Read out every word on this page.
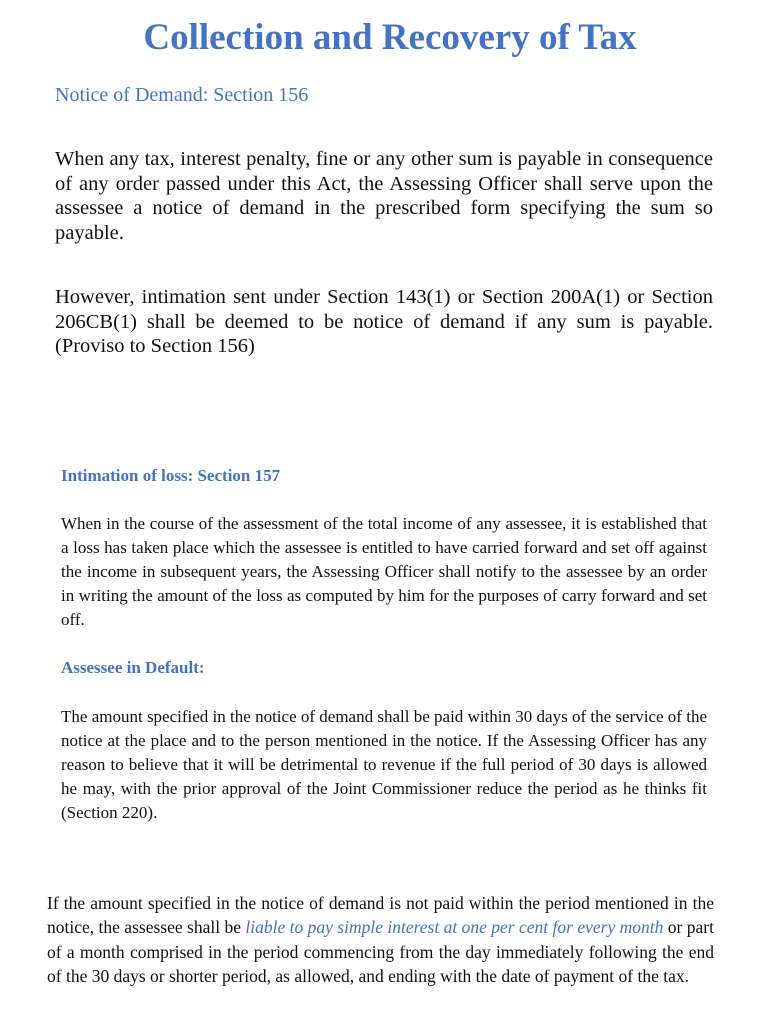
Collection and Recovery of Tax
Notice of Demand: Section 156

When any tax, interest penalty, fine or any other sum is payable in consequence of any order passed under this Act, the Assessing Officer shall serve upon the assessee a notice of demand in the prescribed form specifying the sum so payable.

However, intimation sent under Section 143(1) or Section 200A(1) or Section 206CB(1) shall be deemed to be notice of demand if any sum is payable. (Proviso to Section 156)

Intimation of loss: Section 157

When in the course of the assessment of the total income of any assessee, it is established that a loss has taken place which the assessee is entitled to have carried forward and set off against the income in subsequent years, the Assessing Officer shall notify to the assessee by an order in writing the amount of the loss as computed by him for the purposes of carry forward and set off.

Assessee in Default:

The amount specified in the notice of demand shall be paid within 30 days of the service of the notice at the place and to the person mentioned in the notice. If the Assessing Officer has any reason to believe that it will be detrimental to revenue if the full period of 30 days is allowed he may, with the prior approval of the Joint Commissioner reduce the period as he thinks fit (Section 220).

If the amount specified in the notice of demand is not paid within the period mentioned in the notice, the assessee shall be liable to pay simple interest at one per cent for every month or part of a month comprised in the period commencing from the day immediately following the end of the 30 days or shorter period, as allowed, and ending with the date of payment of the tax.
